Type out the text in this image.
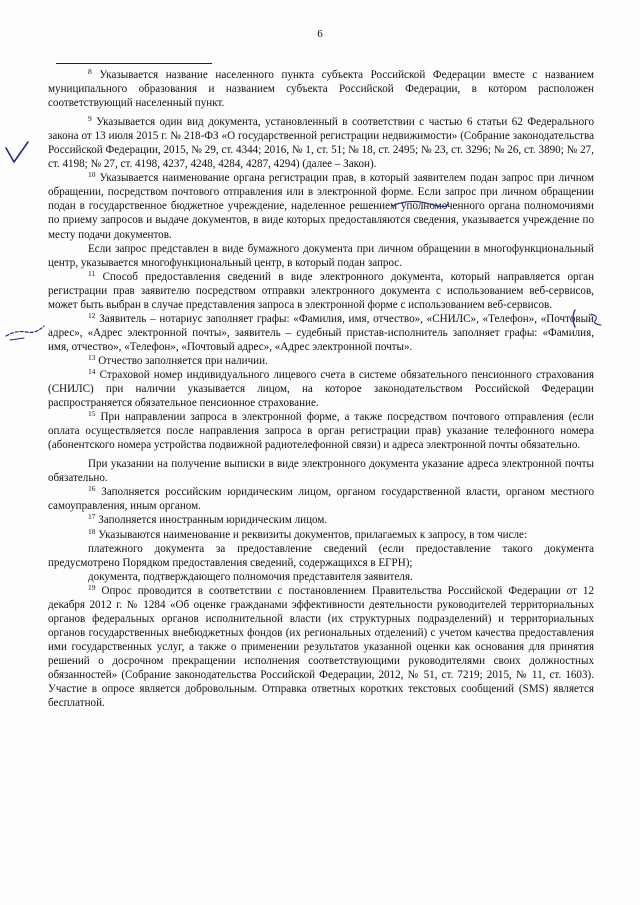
6

$^8$ Указывается название населенного пункта субъекта Российской Федерации вместе с названием муниципального образования и названием субъекта Российской Федерации, в котором расположен соответствующий населенный пункт.

$^9$ Указывается один вид документа, установленный в соответствии с частью 6 статьи 62 Федерального закона от 13 июля 2015 г. № 218-ФЗ «О государственной регистрации недвижимости» (Собрание законодательства Российской Федерации, 2015, № 29, ст. 4344; 2016, № 1, ст. 51; № 18, ст. 2495; № 23, ст. 3296; № 26, ст. 3890; № 27, ст. 4198; № 27, ст. 4198, 4237, 4248, 4284, 4287, 4294) (далее – Закон).

$^{10}$ Указывается наименование органа регистрации прав, в который заявителем подан запрос при личном обращении, посредством почтового отправления или в электронной форме. Если запрос при личном обращении подан в государственное бюджетное учреждение, наделенное решением уполномоченного органа полномочиями по приему запросов и выдаче документов, в виде которых предоставляются сведения, указывается учреждение по месту подачи документов.

Если запрос представлен в виде бумажного документа при личном обращении в многофункциональный центр, указывается многофункциональный центр, в который подан запрос.

$^{11}$ Способ предоставления сведений в виде электронного документа, который направляется орган регистрации прав заявителю посредством отправки электронного документа с использованием веб-сервисов, может быть выбран в случае представления запроса в электронной форме с использованием веб-сервисов.

$^{12}$ Заявитель – нотариус заполняет графы: «Фамилия, имя, отчество», «СНИЛС», «Телефон», «Почтовый адрес», «Адрес электронной почты», заявитель – судебный пристав-исполнитель заполняет графы: «Фамилия, имя, отчество», «Телефон», «Почтовый адрес», «Адрес электронной почты».

$^{13}$ Отчество заполняется при наличии.

$^{14}$ Страховой номер индивидуального лицевого счета в системе обязательного пенсионного страхования (СНИЛС) при наличии указывается лицом, на которое законодательством Российской Федерации распространяется обязательное пенсионное страхование.

$^{15}$ При направлении запроса в электронной форме, а также посредством почтового отправления (если оплата осуществляется после направления запроса в орган регистрации прав) указание телефонного номера (абонентского номера устройства подвижной радиотелефонной связи) и адреса электронной почты обязательно.

При указании на получение выписки в виде электронного документа указание адреса электронной почты обязательно.

$^{16}$ Заполняется российским юридическим лицом, органом государственной власти, органом местного самоуправления, иным органом.

$^{17}$ Заполняется иностранным юридическим лицом.

$^{18}$ Указываются наименование и реквизиты документов, прилагаемых к запросу, в том числе:

платежного документа за предоставление сведений (если предоставление такого документа предусмотрено Порядком предоставления сведений, содержащихся в ЕГРН);

документа, подтверждающего полномочия представителя заявителя.

$^{19}$ Опрос проводится в соответствии с постановлением Правительства Российской Федерации от 12 декабря 2012 г. № 1284 «Об оценке гражданами эффективности деятельности руководителей территориальных органов федеральных органов исполнительной власти (их структурных подразделений) и территориальных органов государственных внебюджетных фондов (их региональных отделений) с учетом качества предоставления ими государственных услуг, а также о применении результатов указанной оценки как основания для принятия решений о досрочном прекращении исполнения соответствующими руководителями своих должностных обязанностей» (Собрание законодательства Российской Федерации, 2012, № 51, ст. 7219; 2015, № 11, ст. 1603). Участие в опросе является добровольным. Отправка ответных коротких текстовых сообщений (SMS) является бесплатной.
